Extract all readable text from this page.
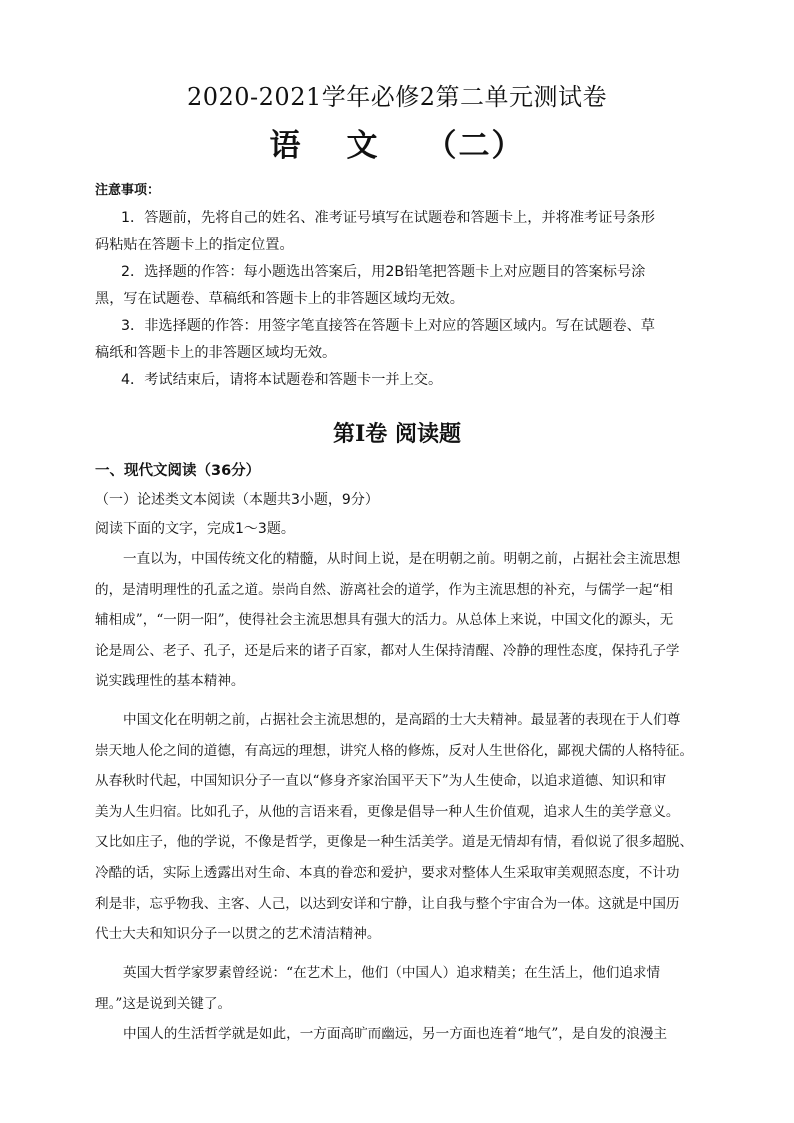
2020-2021学年必修2第二单元测试卷
语 文 （二）
注意事项：
1．答题前，先将自己的姓名、准考证号填写在试题卷和答题卡上，并将准考证号条形
码粘贴在答题卡上的指定位置。
2．选择题的作答：每小题选出答案后，用2B铅笔把答题卡上对应题目的答案标号涂
黑，写在试题卷、草稿纸和答题卡上的非答题区域均无效。
3．非选择题的作答：用签字笔直接答在答题卡上对应的答题区域内。写在试题卷、草
稿纸和答题卡上的非答题区域均无效。
4．考试结束后，请将本试题卷和答题卡一并上交。
第Ⅰ卷 阅读题
一、现代文阅读（36分）
（一）论述类文本阅读（本题共3小题，9分）
阅读下面的文字，完成1～3题。
一直以为，中国传统文化的精髓，从时间上说，是在明朝之前。明朝之前，占据社会主流思想
的，是清明理性的孔孟之道。崇尚自然、游离社会的道学，作为主流思想的补充，与儒学一起“相
辅相成”，“一阴一阳”，使得社会主流思想具有强大的活力。从总体上来说，中国文化的源头，无
论是周公、老子、孔子，还是后来的诸子百家，都对人生保持清醒、冷静的理性态度，保持孔子学
说实践理性的基本精神。
中国文化在明朝之前，占据社会主流思想的，是高蹈的士大夫精神。最显著的表现在于人们尊
崇天地人伦之间的道德，有高远的理想，讲究人格的修炼，反对人生世俗化，鄙视犬儒的人格特征。
从春秋时代起，中国知识分子一直以“修身齐家治国平天下”为人生使命，以追求道德、知识和审
美为人生归宿。比如孔子，从他的言语来看，更像是倡导一种人生价值观，追求人生的美学意义。
又比如庄子，他的学说，不像是哲学，更像是一种生活美学。道是无情却有情，看似说了很多超脱、
冷酷的话，实际上透露出对生命、本真的眷恋和爱护，要求对整体人生采取审美观照态度，不计功
利是非，忘乎物我、主客、人己，以达到安详和宁静，让自我与整个宇宙合为一体。这就是中国历
代士大夫和知识分子一以贯之的艺术清洁精神。
英国大哲学家罗素曾经说：“在艺术上，他们（中国人）追求精美；在生活上，他们追求情
理。”这是说到关键了。
中国人的生活哲学就是如此，一方面高旷而幽远，另一方面也连着“地气”，是自发的浪漫主
